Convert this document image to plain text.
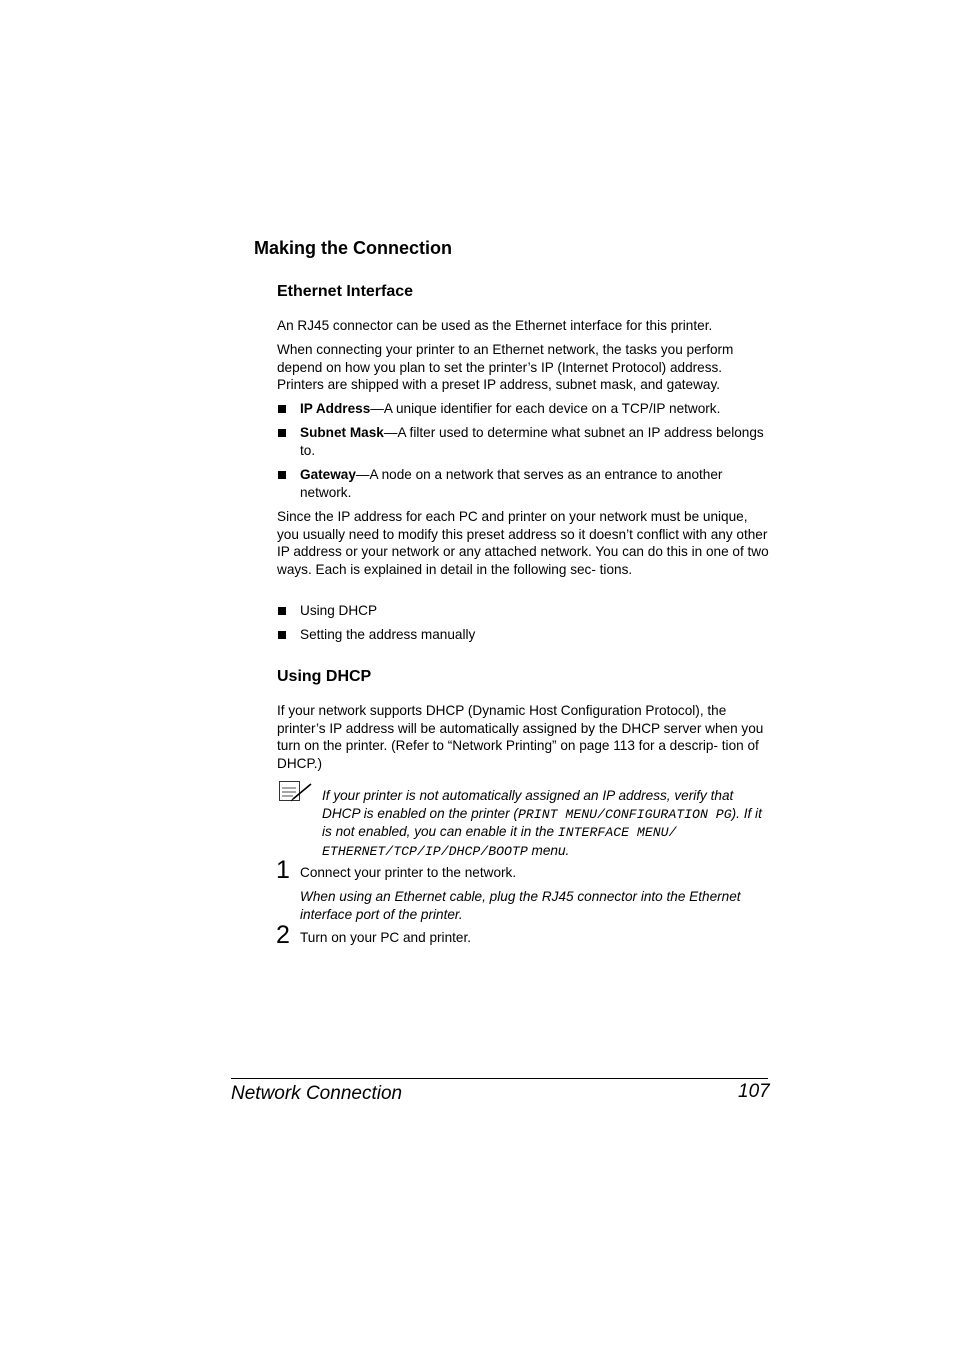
Making the Connection
Ethernet Interface

An RJ45 connector can be used as the Ethernet interface for this printer.

When connecting your printer to an Ethernet network, the tasks you perform depend on how you plan to set the printer’s IP (Internet Protocol) address. Printers are shipped with a preset IP address, subnet mask, and gateway.

IP Address—A unique identifier for each device on a TCP/IP network.
Subnet Mask—A filter used to determine what subnet an IP address belongs to.
Gateway—A node on a network that serves as an entrance to another network.

Since the IP address for each PC and printer on your network must be unique, you usually need to modify this preset address so it doesn’t conflict with any other IP address or your network or any attached network. You can do this in one of two ways. Each is explained in detail in the following sec- tions.

Using DHCP
Setting the address manually
Using DHCP

If your network supports DHCP (Dynamic Host Configuration Protocol), the printer’s IP address will be automatically assigned by the DHCP server when you turn on the printer. (Refer to “Network Printing” on page 113 for a descrip- tion of DHCP.)

If your printer is not automatically assigned an IP address, verify that DHCP is enabled on the printer (PRINT MENU/CONFIGURATION PG). If it is not enabled, you can enable it in the INTERFACE MENU/ ETHERNET/TCP/IP/DHCP/BOOTP menu.
1 Connect your printer to the network.
When using an Ethernet cable, plug the RJ45 connector into the Ethernet interface port of the printer.
2 Turn on your PC and printer.
Network Connection	107
